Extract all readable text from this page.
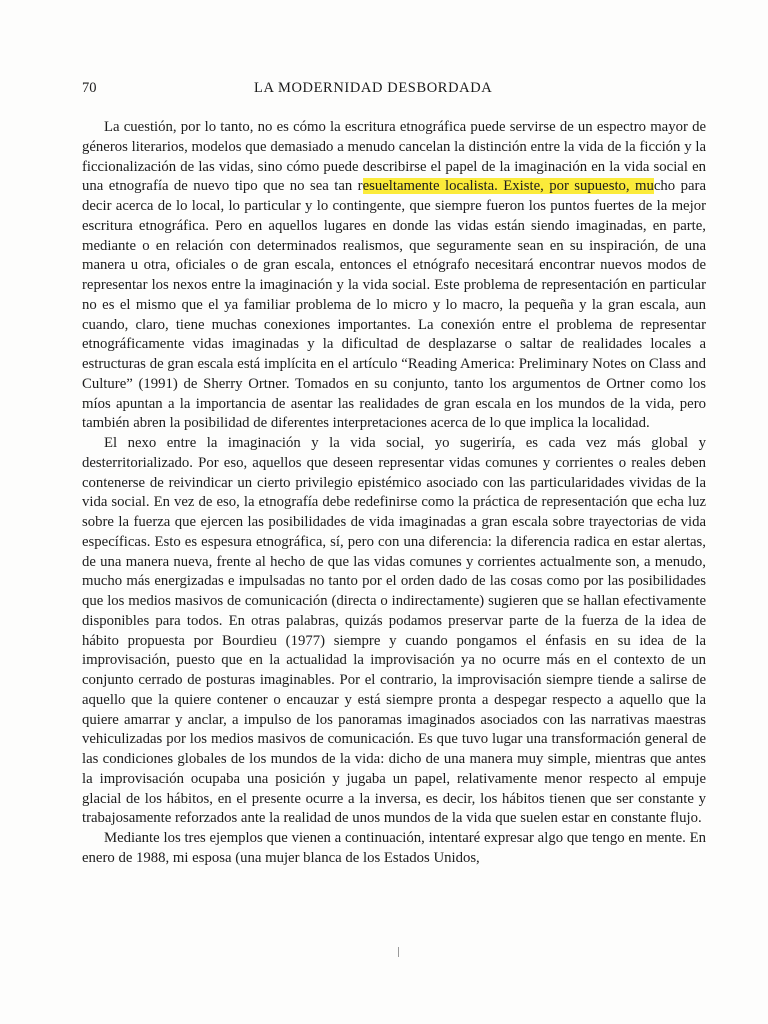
70	LA MODERNIDAD DESBORDADA

La cuestión, por lo tanto, no es cómo la escritura etnográfica puede servirse de un espectro mayor de géneros literarios, modelos que demasiado a menudo cancelan la distinción entre la vida de la ficción y la ficcionalización de las vidas, sino cómo puede describirse el papel de la imaginación en la vida social en una etnografía de nuevo tipo que no sea tan resueltamente localista. Existe, por supuesto, mucho para decir acerca de lo local, lo particular y lo contingente, que siempre fueron los puntos fuertes de la mejor escritura etnográfica. Pero en aquellos lugares en donde las vidas están siendo imaginadas, en parte, mediante o en relación con determinados realismos, que seguramente sean en su inspiración, de una manera u otra, oficiales o de gran escala, entonces el etnógrafo necesitará encontrar nuevos modos de representar los nexos entre la imaginación y la vida social. Este problema de representación en particular no es el mismo que el ya familiar problema de lo micro y lo macro, la pequeña y la gran escala, aun cuando, claro, tiene muchas conexiones importantes. La conexión entre el problema de representar etnográficamente vidas imaginadas y la dificultad de desplazarse o saltar de realidades locales a estructuras de gran escala está implícita en el artículo “Reading America: Preliminary Notes on Class and Culture” (1991) de Sherry Ortner. Tomados en su conjunto, tanto los argumentos de Ortner como los míos apuntan a la importancia de asentar las realidades de gran escala en los mundos de la vida, pero también abren la posibilidad de diferentes interpretaciones acerca de lo que implica la localidad.

El nexo entre la imaginación y la vida social, yo sugeriría, es cada vez más global y desterritorializado. Por eso, aquellos que deseen representar vidas comunes y corrientes o reales deben contenerse de reivindicar un cierto privilegio epistémico asociado con las particularidades vividas de la vida social. En vez de eso, la etnografía debe redefinirse como la práctica de representación que echa luz sobre la fuerza que ejercen las posibilidades de vida imaginadas a gran escala sobre trayectorias de vida específicas. Esto es espesura etnográfica, sí, pero con una diferencia: la diferencia radica en estar alertas, de una manera nueva, frente al hecho de que las vidas comunes y corrientes actualmente son, a menudo, mucho más energizadas e impulsadas no tanto por el orden dado de las cosas como por las posibilidades que los medios masivos de comunicación (directa o indirectamente) sugieren que se hallan efectivamente disponibles para todos. En otras palabras, quizás podamos preservar parte de la fuerza de la idea de hábito propuesta por Bourdieu (1977) siempre y cuando pongamos el énfasis en su idea de la improvisación, puesto que en la actualidad la improvisación ya no ocurre más en el contexto de un conjunto cerrado de posturas imaginables. Por el contrario, la improvisación siempre tiende a salirse de aquello que la quiere contener o encauzar y está siempre pronta a despegar respecto a aquello que la quiere amarrar y anclar, a impulso de los panoramas imaginados asociados con las narrativas maestras vehiculizadas por los medios masivos de comunicación. Es que tuvo lugar una transformación general de las condiciones globales de los mundos de la vida: dicho de una manera muy simple, mientras que antes la improvisación ocupaba una posición y jugaba un papel, relativamente menor respecto al empuje glacial de los hábitos, en el presente ocurre a la inversa, es decir, los hábitos tienen que ser constante y trabajosamente reforzados ante la realidad de unos mundos de la vida que suelen estar en constante flujo.

Mediante los tres ejemplos que vienen a continuación, intentaré expresar algo que tengo en mente. En enero de 1988, mi esposa (una mujer blanca de los Estados Unidos,
